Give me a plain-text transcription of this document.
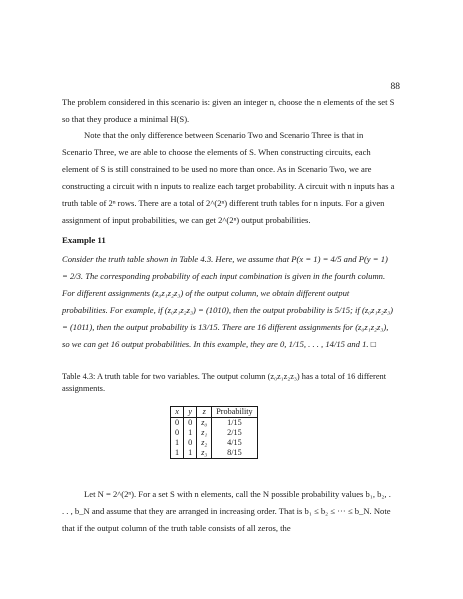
88
The problem considered in this scenario is: given an integer n, choose the n elements of the set S so that they produce a minimal H(S).
Note that the only difference between Scenario Two and Scenario Three is that in Scenario Three, we are able to choose the elements of S. When constructing circuits, each element of S is still constrained to be used no more than once. As in Scenario Two, we are constructing a circuit with n inputs to realize each target probability. A circuit with n inputs has a truth table of 2ⁿ rows. There are a total of 2^(2ⁿ) different truth tables for n inputs. For a given assignment of input probabilities, we can get 2^(2ⁿ) output probabilities.
Example 11
Consider the truth table shown in Table 4.3. Here, we assume that P(x = 1) = 4/5 and P(y = 1) = 2/3. The corresponding probability of each input combination is given in the fourth column. For different assignments (z₀z₁z₂z₃) of the output column, we obtain different output probabilities. For example, if (z₀z₁z₂z₃) = (1010), then the output probability is 5/15; if (z₀z₁z₂z₃) = (1011), then the output probability is 13/15. There are 16 different assignments for (z₀z₁z₂z₃), so we can get 16 output probabilities. In this example, they are 0, 1/15, . . . , 14/15 and 1. □
Table 4.3: A truth table for two variables. The output column (z₀z₁z₂z₃) has a total of 16 different assignments.
x	y	z	Probability
0	0	z₀	1/15
0	1	z₁	2/15
1	0	z₂	4/15
1	1	z₃	8/15
Let N = 2^(2ⁿ). For a set S with n elements, call the N possible probability values b₁, b₂, . . . , b_N and assume that they are arranged in increasing order. That is b₁ ≤ b₂ ≤ ··· ≤ b_N. Note that if the output column of the truth table consists of all zeros, the
